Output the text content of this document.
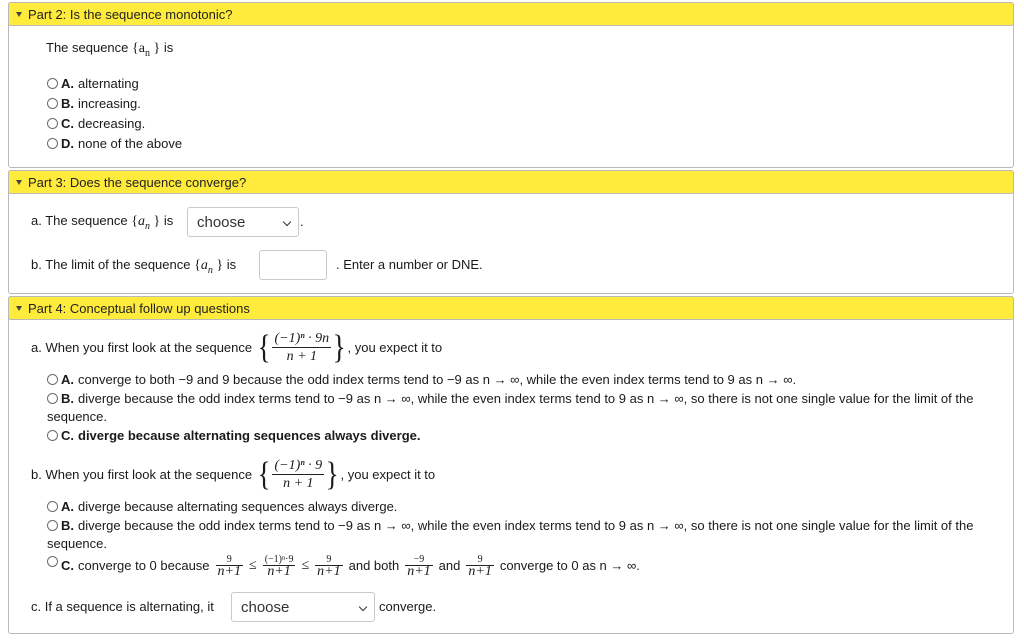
Part 2: Is the sequence monotonic?
The sequence {$a_n$ } is
A. alternating
B. increasing.
C. decreasing.
D. none of the above
Part 3: Does the sequence converge?
a. The sequence {$a_n$ } is choose	.
b. The limit of the sequence {$a_n$ } is	. Enter a number or DNE.
Part 4: Conceptual follow up questions
a. When you first look at the sequence { $\frac{\text{(−1)ⁿ · 9n}}{n + 1}$ } , you expect it to
A. converge to both −9 and 9 because the odd index terms tend to −9 as n → ∞, while the even index terms tend to 9 as n → ∞.
B. diverge because the odd index terms tend to −9 as n → ∞, while the even index terms tend to 9 as n → ∞, so there is not one single value for the limit of the sequence.
C. diverge because alternating sequences always diverge.
b. When you first look at the sequence { $\frac{\text{(−1)ⁿ · 9}}{n + 1}$ } , you expect it to
A. diverge because alternating sequences always diverge.
B. diverge because the odd index terms tend to −9 as n → ∞, while the even index terms tend to 9 as n → ∞, so there is not one single value for the limit of the sequence.
C. converge to 0 because $\frac{9}{n+1} \le \frac{\text{(−1)ⁿ·9}}{n+1} \le \frac{9}{n+1}$ and both $\frac{-9}{n+1}$ and $\frac{9}{n+1}$ converge to 0 as n → ∞.
c. If a sequence is alternating, it choose	converge.
